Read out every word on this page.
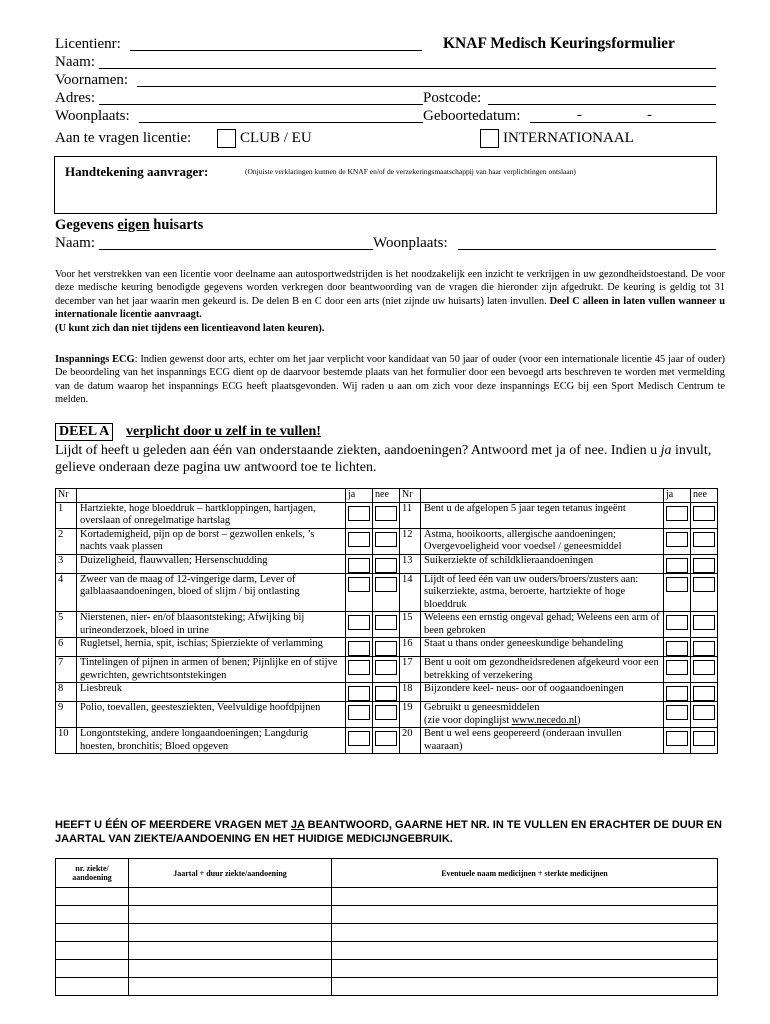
Licentienr:	KNAF Medisch Keuringsformulier
Naam:
Voornamen:
Adres:	Postcode:
Woonplaats:	Geboortedatum:	-	-
Aan te vragen licentie:	CLUB / EU	INTERNATIONAAL
Handtekening aanvrager:	(Onjuiste verklaringen kunnen de KNAF en/of de verzekeringsmaatschappij van haar verplichtingen ontslaan)
Gegevens eigen huisarts
Naam:	Woonplaats:
Voor het verstrekken van een licentie voor deelname aan autosportwedstrijden is het noodzakelijk een inzicht te verkrijgen in uw gezondheidstoestand. De voor deze medische keuring benodigde gegevens worden verkregen door beantwoording van de vragen die hieronder zijn afgedrukt. De keuring is geldig tot 31 december van het jaar waarin men gekeurd is. De delen B en C door een arts (niet zijnde uw huisarts) laten invullen. Deel C alleen in laten vullen wanneer u internationale licentie aanvraagt.
(U kunt zich dan niet tijdens een licentieavond laten keuren).
Inspannings ECG: Indien gewenst door arts, echter om het jaar verplicht voor kandidaat van 50 jaar of ouder (voor een internationale licentie 45 jaar of ouder) De beoordeling van het inspannings ECG dient op de daarvoor bestemde plaats van het formulier door een bevoegd arts beschreven te worden met vermelding van de datum waarop het inspannings ECG heeft plaatsgevonden. Wij raden u aan om zich voor deze inspannings ECG bij een Sport Medisch Centrum te melden.
DEEL A verplicht door u zelf in te vullen!
Lijdt of heeft u geleden aan één van onderstaande ziekten, aandoeningen? Antwoord met ja of nee. Indien u ja invult, gelieve onderaan deze pagina uw antwoord toe te lichten.
Nr		ja	nee	Nr		ja	nee
1	Hartziekte, hoge bloeddruk – hartkloppingen, hartjagen, overslaan of onregelmatige hartslag			11	Bent u de afgelopen 5 jaar tegen tetanus ingeënt	

2	Kortademigheid, pijn op de borst – gezwollen enkels, ’s nachts vaak plassen			12	Astma, hooikoorts, allergische aandoeningen; Overgevoeligheid voor voedsel / geneesmiddel	

3	Duizeligheid, flauwvallen; Hersenschudding			13	Suikerziekte of schildklieraandoeningen	

4	Zweer van de maag of 12-vingerige darm, Lever of galblaasaandoeningen, bloed of slijm / bij ontlasting			14	Lijdt of leed één van uw ouders/broers/zusters aan: suikerziekte, astma, beroerte, hartziekte of hoge bloeddruk	

5	Nierstenen, nier- en/of blaasontsteking; Afwijking bij urineonderzoek, bloed in urine			15	Weleens een ernstig ongeval gehad; Weleens een arm of been gebroken	

6	Rugletsel, hernia, spit, ischias; Spierziekte of verlamming			16	Staat u thans onder geneeskundige behandeling	

7	Tintelingen of pijnen in armen of benen; Pijnlijke en of stijve gewrichten, gewrichtsontstekingen			17	Bent u ooit om gezondheidsredenen afgekeurd voor een betrekking of verzekering	

8	Liesbreuk			18	Bijzondere keel- neus- oor of oogaandoeningen	

9	Polio, toevallen, geestesziekten, Veelvuldige hoofdpijnen			19	Gebruikt u geneesmiddelen
(zie voor dopinglijst www.necedo.nl)	

10	Longontsteking, andere longaandoeningen; Langdurig hoesten, bronchitis; Bloed opgeven			20	Bent u wel eens geopereerd (onderaan invullen waaraan)	

HEEFT U ÉÉN OF MEERDERE VRAGEN MET JA BEANTWOORD, GAARNE HET NR. IN TE VULLEN EN ERACHTER DE DUUR EN JAARTAL VAN ZIEKTE/AANDOENING EN HET HUIDIGE MEDICIJNGEBRUIK.
nr. ziekte/ aandoening	Jaartal + duur ziekte/aandoening	Eventuele naam medicijnen + sterkte medicijnen
